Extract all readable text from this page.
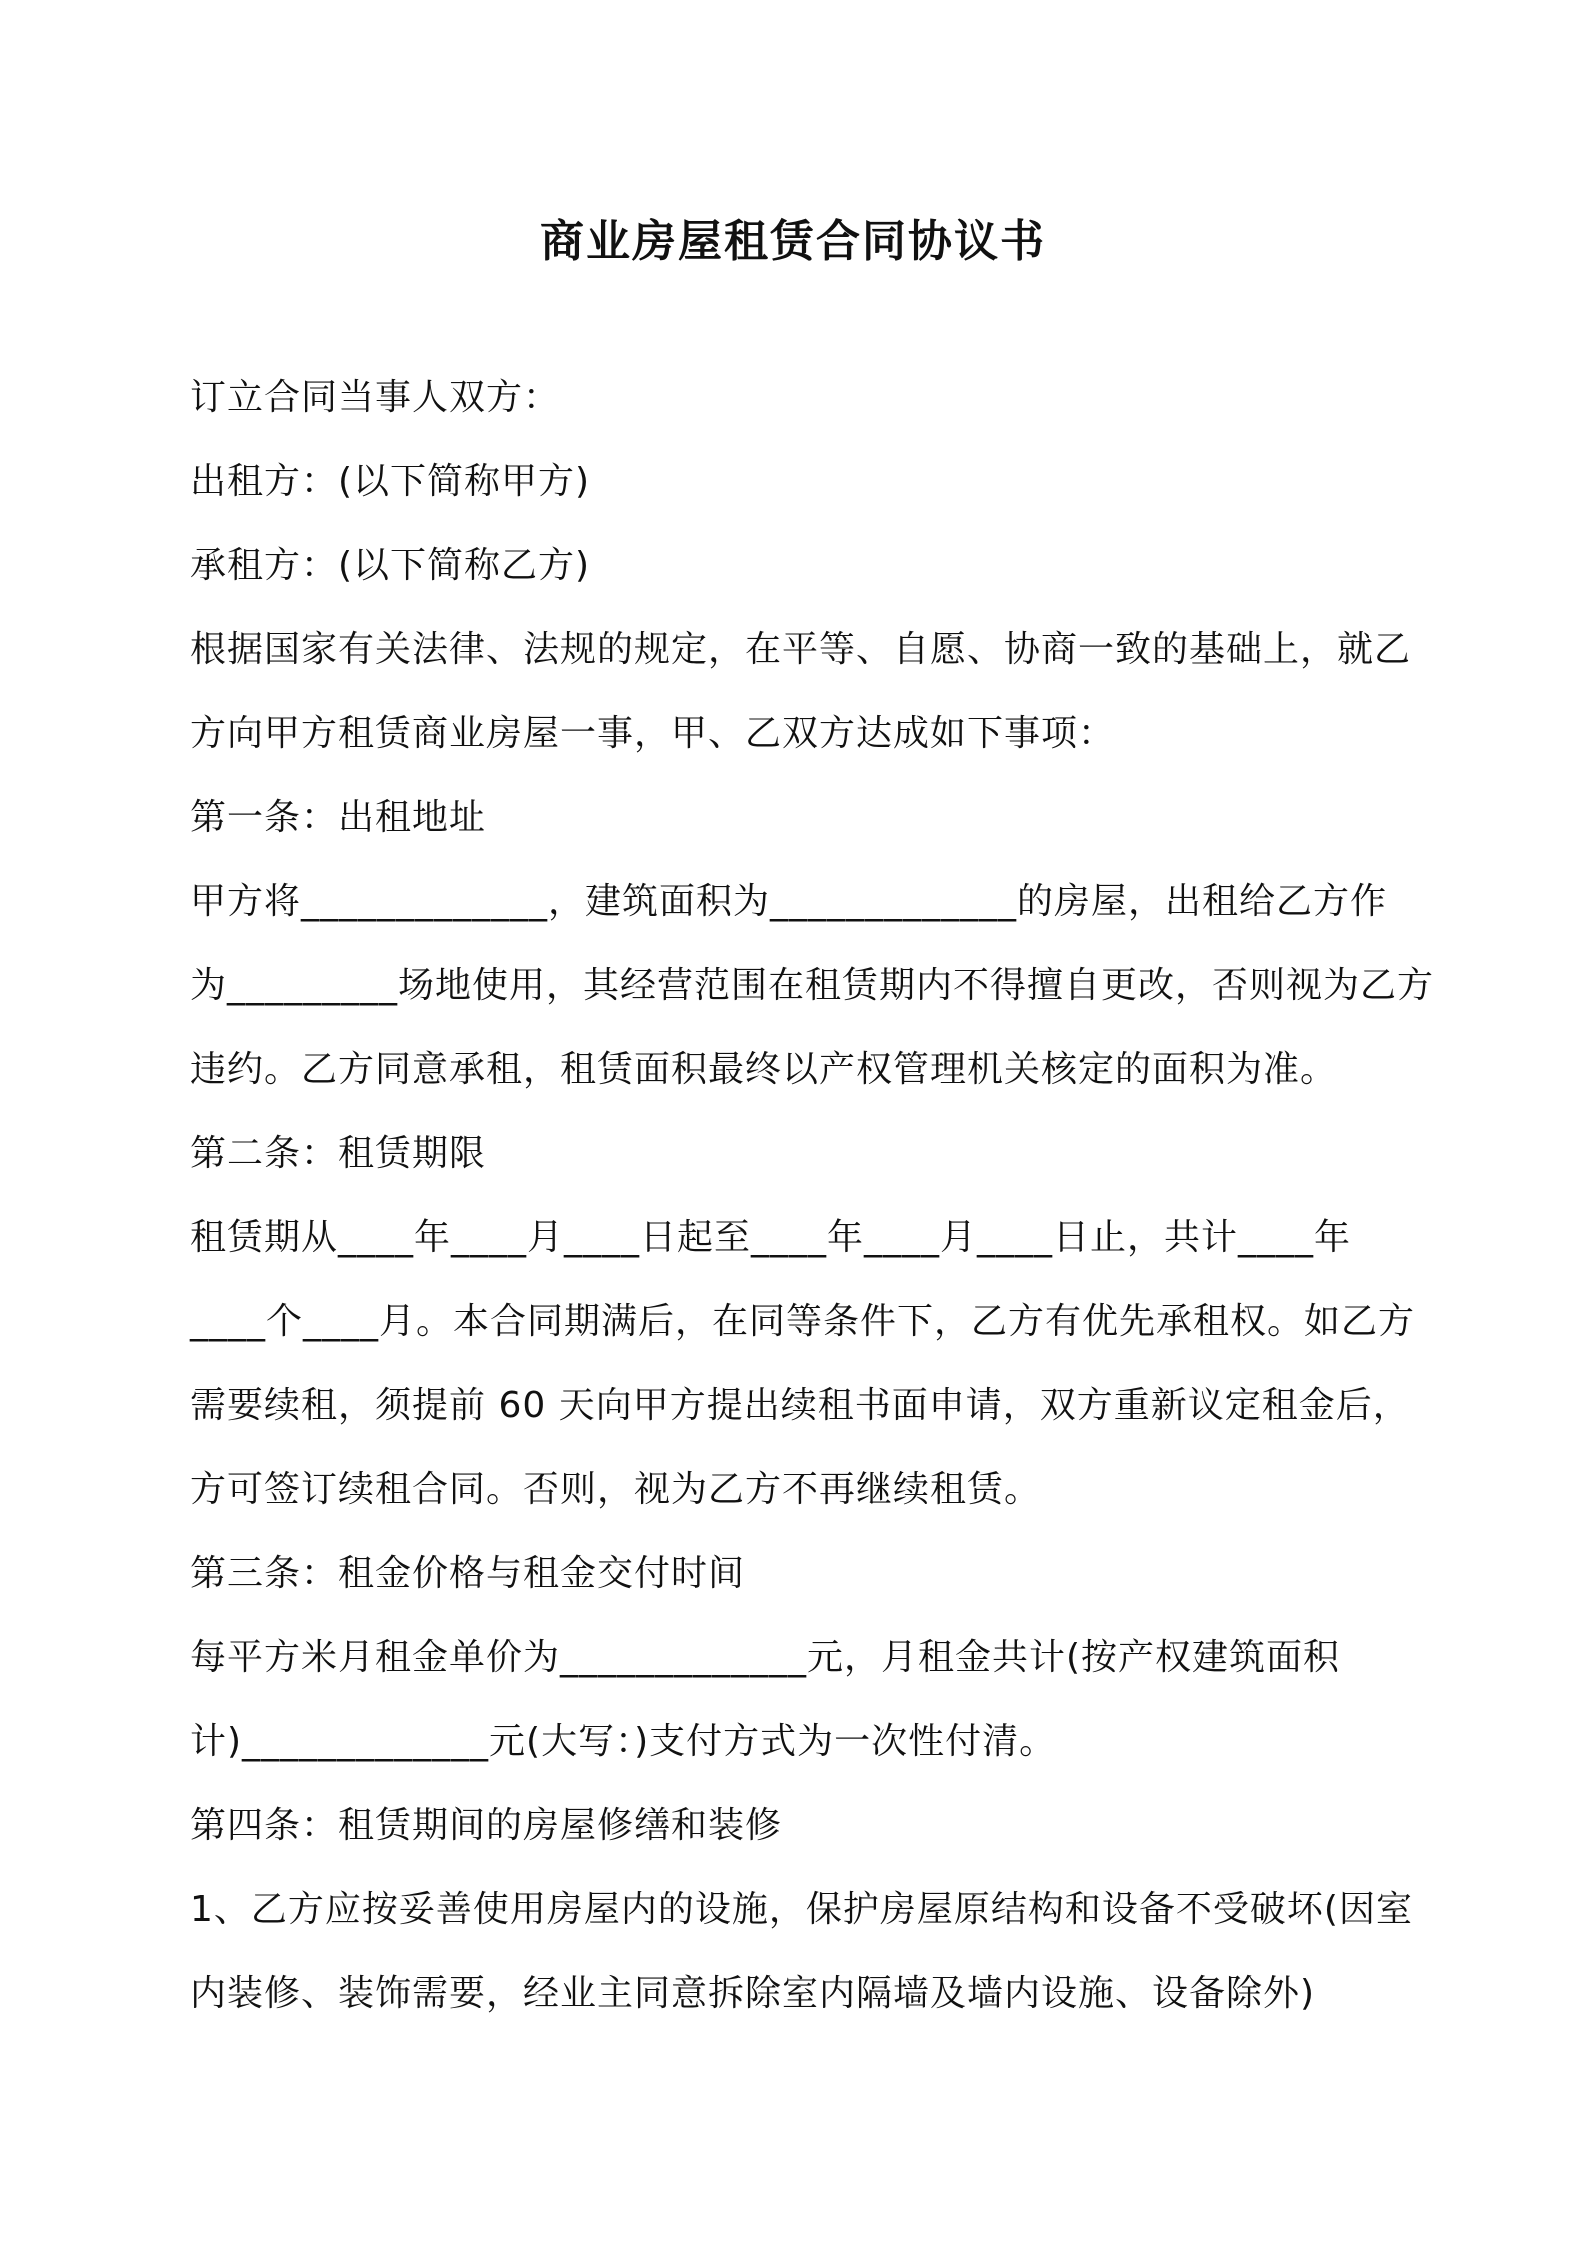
商业房屋租赁合同协议书
订立合同当事人双方：
出租方：(以下简称甲方)
承租方：(以下简称乙方)
根据国家有关法律、法规的规定，在平等、自愿、协商一致的基础上，就乙
方向甲方租赁商业房屋一事，甲、乙双方达成如下事项：
第一条：出租地址
甲方将_____________，建筑面积为_____________的房屋，出租给乙方作
为_________场地使用，其经营范围在租赁期内不得擅自更改，否则视为乙方
违约。乙方同意承租，租赁面积最终以产权管理机关核定的面积为准。
第二条：租赁期限
租赁期从____年____月____日起至____年____月____日止，共计____年
____个____月。本合同期满后，在同等条件下，乙方有优先承租权。如乙方
需要续租，须提前 60 天向甲方提出续租书面申请，双方重新议定租金后，
方可签订续租合同。否则，视为乙方不再继续租赁。
第三条：租金价格与租金交付时间
每平方米月租金单价为_____________元，月租金共计(按产权建筑面积
计)_____________元(大写：)支付方式为一次性付清。
第四条：租赁期间的房屋修缮和装修
1、乙方应按妥善使用房屋内的设施，保护房屋原结构和设备不受破坏(因室
内装修、装饰需要，经业主同意拆除室内隔墙及墙内设施、设备除外)
